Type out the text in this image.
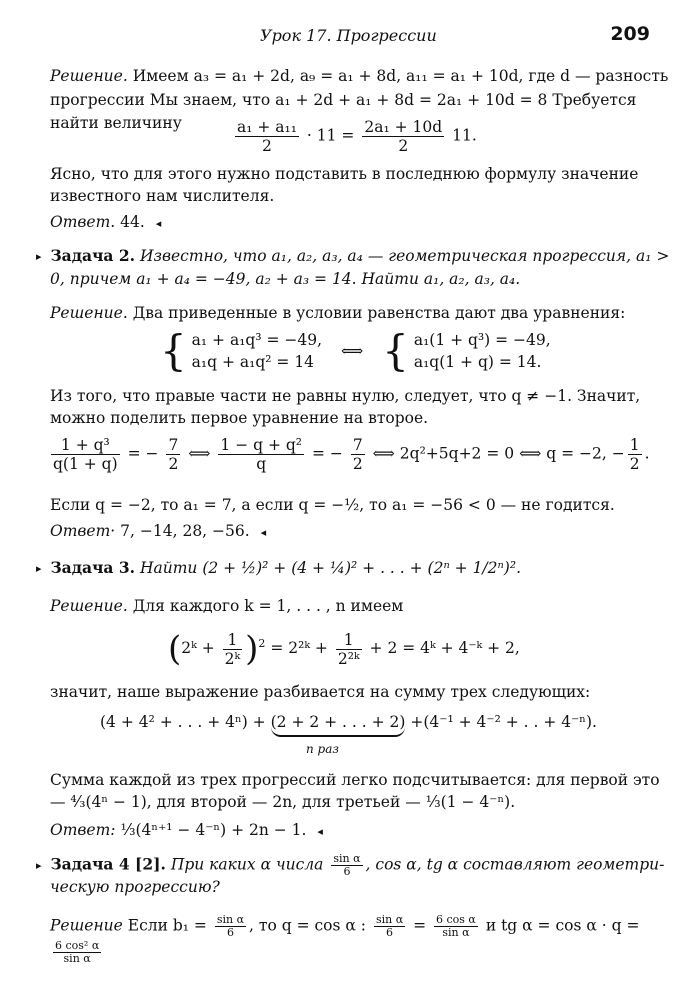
Урок 17. Прогрессии	209
Решение. Имеем a₃ = a₁ + 2d, a₉ = a₁ + 8d, a₁₁ = a₁ + 10d, где d — разность
прогрессии Мы знаем, что a₁ + 2d + a₁ + 8d = 2a₁ + 10d = 8 Требуется
найти величину	$\frac{\text{a₁ + a₁₁}}{2} \cdot 11 = \frac{\text{2a₁ + 10d}}{2} 11$.
Ясно, что для этого нужно подставить в последнюю формулу значение
известного нам числителя.
Ответ. 44. ◂
▸ Задача 2. Известно, что a₁, a₂, a₃, a₄ — геометрическая прогрессия, a₁ >
0, причем a₁ + a₄ = −49, a₂ + a₃ = 14. Найти a₁, a₂, a₃, a₄.
Решение. Два приведенные в условии равенства дают два уравнения:
{ a₁ + a₁q³ = −49,
a₁q + a₁q² = 14
⟺ { a₁(1 + q³) = −49,
a₁q(1 + q) = 14.
Из того, что правые части не равны нулю, следует, что q ≠ −1. Значит,
можно поделить первое уравнение на второе.
$\frac{\text{1 + q³}}{q(1 + q)}$ = − $\frac{7}{2}$ ⟺ $\frac{\text{1 − q + q²}}{q}$ = − $\frac{7}{2}$ ⟺ 2q²+5q+2 = 0 ⟺ q = −2, − $\frac{1}{2}$ .
Если q = −2, то a₁ = 7, а если q = −½, то a₁ = −56 < 0 — не годится.
Ответ· 7, −14, 28, −56. ◂
▸ Задача 3. Найти (2 + ½)² + (4 + ¼)² + . . . + (2ⁿ + 1/2ⁿ)².
Решение. Для каждого k = 1, . . . , n имеем
(2ᵏ + $\frac{1}{\text{2ᵏ}} )^2$ = 2²ᵏ + $\frac{1}{\text{2²ᵏ}} + 2$ = 4ᵏ + 4⁻ᵏ + 2,
значит, наше выражение разбивается на сумму трех следующих:
(4 + 4² + . . . + 4ⁿ) + (2 + 2 + . . . + 2) +(4⁻¹ + 4⁻² + . . + 4⁻ⁿ).
n раз
Сумма каждой из трех прогрессий легко подсчитывается: для первой это
— ⁴⁄₃(4ⁿ − 1), для второй — 2n, для третьей — ⅓(1 − 4⁻ⁿ).
Ответ: ⅓(4ⁿ⁺¹ − 4⁻ⁿ) + 2n − 1. ◂
▸ Задача 4 [2]. При каких α числа $\frac{\text{sin α}}{6}$ , cos α, tg α составляют геометри-
ческую прогрессию?
Решение Если $b_1 = \frac{\text{sin α}}{6}$ , то q = cos α : $\frac{\text{sin α}}{6} = \frac{\text{6 cos α}}{\text{sin α}}$ и tg α = cos α · q =
$\frac{\text{6 cos² α}}{\text{sin α}}$
